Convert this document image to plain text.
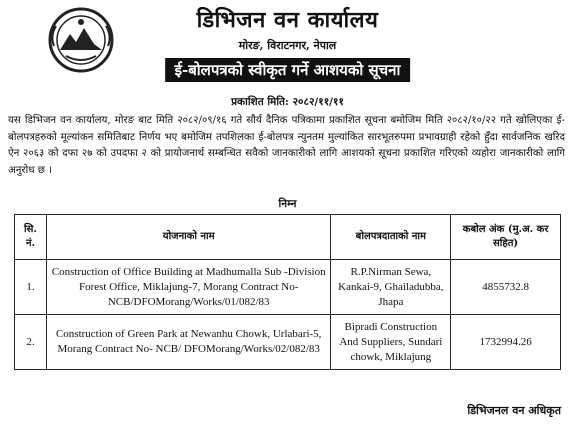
डिभिजन वन कार्यालय
मोरङ, विराटनगर, नेपाल
ई-बोलपत्रको स्वीकृत गर्ने आशयको सूचना
प्रकाशित मिति: २०८२/११/११

यस डिभिजन वन कार्यालय, मोरङ बाट मिति २०८२/०९/१६ गते सौर्य दैनिक पत्रिकामा प्रकाशित सूचना बमोजिम मिति २०८२/१०/२२ गते खोलिएका ई-बोलपत्रहरुको मूल्यांकन समितिबाट निर्णय भए बमोजिम तपशिलका ई-बोलपत्र न्युनतम मुल्यांकित सारभूतरुपमा प्रभावग्राही रहेको हुँदा सार्वजनिक खरिद ऐन २०६३ को दफा २७ को उपदफा २ को प्रायोजनार्थ सम्बन्धित सवैको जानकारीको लागि आशयको सूचना प्रकाशित गरिएको व्यहोरा जानकारीको लागि अनुरोध छ ।

निम्न
सि. नं.	योजनाको नाम	बोलपत्रदाताको नाम	कबोल अंक (मु.अ. कर सहित)
1.	Construction of Office Building at Madhumalla Sub -Division Forest Office, Miklajung-7, Morang Contract No- NCB/DFOMorang/Works/01/082/83	R.P.Nirman Sewa, Kankai-9, Ghailadubba, Jhapa	4855732.8
2.	Construction of Green Park at Newanhu Chowk, Urlabari-5, Morang Contract No- NCB/ DFOMorang/Works/02/082/83	Bipradi Construction And Suppliers, Sundari chowk, Miklajung	1732994.26
डिभिजनल वन अधिकृत
